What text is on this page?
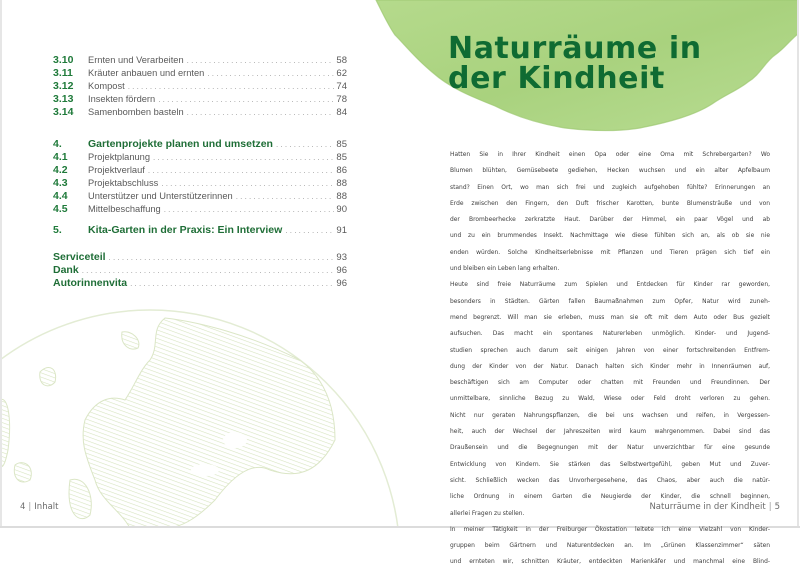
3.10	Ernten und Verarbeiten . . .	58
3.11	Kräuter anbauen und ernten . . .	62
3.12	Kompost . . .	74
3.13	Insekten fördern . . .	78
3.14	Samenbomben basteln . . .	84
4.	Gartenprojekte planen und umsetzen . . .	85
4.1	Projektplanung . . .	85
4.2	Projektverlauf . . .	86
4.3	Projektabschluss . . .	88
4.4	Unterstützer und Unterstützerinnen . . .	88
4.5	Mittelbeschaffung . . .	90
5.	Kita-Garten in der Praxis: Ein Interview . . .	91
Serviceteil . . .	93
Dank . . .	96
Autorinnenvita . . .	96
Naturräume in
der Kindheit
Hatten Sie in Ihrer Kindheit einen Opa oder eine Oma mit Schrebergarten? Wo
Blumen blühten, Gemüsebeete gediehen, Hecken wuchsen und ein alter Apfelbaum
stand? Einen Ort, wo man sich frei und zugleich aufgehoben fühlte? Erinnerungen an
Erde zwischen den Fingern, den Duft frischer Karotten, bunte Blumensträuße und von
der Brombeerhecke zerkratzte Haut. Darüber der Himmel, ein paar Vögel und ab
und zu ein brummendes Insekt. Nachmittage wie diese fühlten sich an, als ob sie nie
enden würden. Solche Kindheitserlebnisse mit Pflanzen und Tieren prägen sich tief ein
und bleiben ein Leben lang erhalten.
Heute sind freie Naturräume zum Spielen und Entdecken für Kinder rar geworden,
besonders in Städten. Gärten fallen Baumaßnahmen zum Opfer, Natur wird zuneh-
mend begrenzt. Will man sie erleben, muss man sie oft mit dem Auto oder Bus gezielt
aufsuchen. Das macht ein spontanes Naturerleben unmöglich. Kinder- und Jugend-
studien sprechen auch darum seit einigen Jahren von einer fortschreitenden Entfrem-
dung der Kinder von der Natur. Danach halten sich Kinder mehr in Innenräumen auf,
beschäftigen sich am Computer oder chatten mit Freunden und Freundinnen. Der
unmittelbare, sinnliche Bezug zu Wald, Wiese oder Feld droht verloren zu gehen.
Nicht nur geraten Nahrungspflanzen, die bei uns wachsen und reifen, in Vergessen-
heit, auch der Wechsel der Jahreszeiten wird kaum wahrgenommen. Dabei sind das
Draußensein und die Begegnungen mit der Natur unverzichtbar für eine gesunde
Entwicklung von Kindern. Sie stärken das Selbstwertgefühl, geben Mut und Zuver-
sicht. Schließlich wecken das Unvorhergesehene, das Chaos, aber auch die natür-
liche Ordnung in einem Garten die Neugierde der Kinder, die schnell beginnen,
allerlei Fragen zu stellen.
In meiner Tätigkeit in der Freiburger Ökostation leitete ich eine Vielzahl von Kinder-
gruppen beim Gärtnern und Naturentdecken an. Im „Grünen Klassenzimmer“ säten
und ernteten wir, schnitten Kräuter, entdeckten Marienkäfer und manchmal eine Blind-
4 | Inhalt	Naturräume in der Kindheit | 5
